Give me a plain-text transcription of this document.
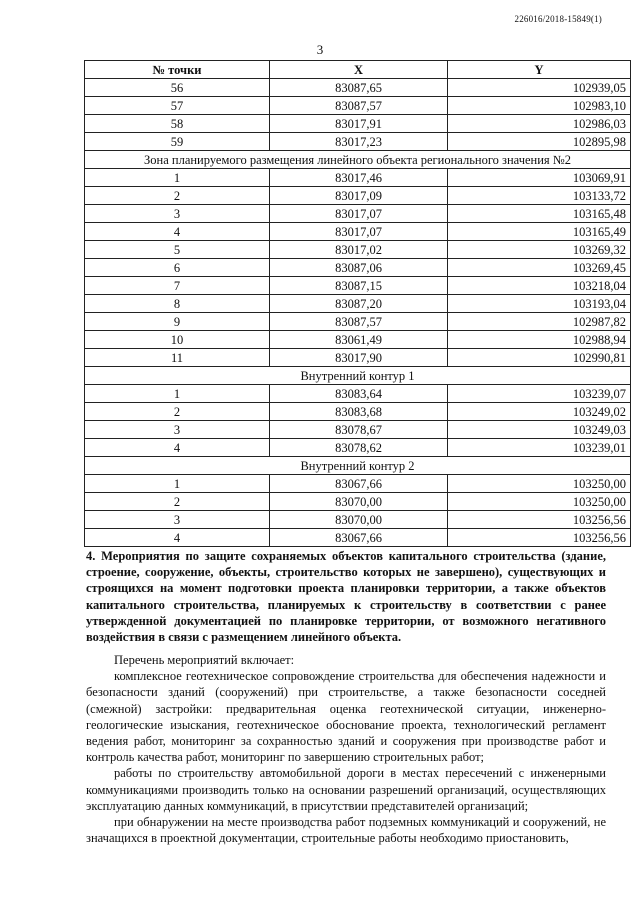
226016/2018-15849(1)
3
№ точки	X	Y
56	83087,65	102939,05
57	83087,57	102983,10
58	83017,91	102986,03
59	83017,23	102895,98
Зона планируемого размещения линейного объекта регионального значения №2		
1	83017,46	103069,91
2	83017,09	103133,72
3	83017,07	103165,48
4	83017,07	103165,49
5	83017,02	103269,32
6	83087,06	103269,45
7	83087,15	103218,04
8	83087,20	103193,04
9	83087,57	102987,82
10	83061,49	102988,94
11	83017,90	102990,81
Внутренний контур 1		
1	83083,64	103239,07
2	83083,68	103249,02
3	83078,67	103249,03
4	83078,62	103239,01
Внутренний контур 2		
1	83067,66	103250,00
2	83070,00	103250,00
3	83070,00	103256,56
4	83067,66	103256,56
4. Мероприятия по защите сохраняемых объектов капитального строительства (здание, строение, сооружение, объекты, строительство которых не завершено), существующих и строящихся на момент подготовки проекта планировки территории, а также объектов капитального строительства, планируемых к строительству в соответствии с ранее утвержденной документацией по планировке территории, от возможного негативного воздействия в связи с размещением линейного объекта.

Перечень мероприятий включает:

комплексное геотехническое сопровождение строительства для обеспечения надежности и безопасности зданий (сооружений) при строительстве, а также безопасности соседней (смежной) застройки: предварительная оценка геотехнической ситуации, инженерно-геологические изыскания, геотехническое обоснование проекта, технологический регламент ведения работ, мониторинг за сохранностью зданий и сооружения при производстве работ и контроль качества работ, мониторинг по завершению строительных работ;

работы по строительству автомобильной дороги в местах пересечений с инженерными коммуникациями производить только на основании разрешений организаций, осуществляющих эксплуатацию данных коммуникаций, в присутствии представителей организаций;

при обнаружении на месте производства работ подземных коммуникаций и сооружений, не значащихся в проектной документации, строительные работы необходимо приостановить,
